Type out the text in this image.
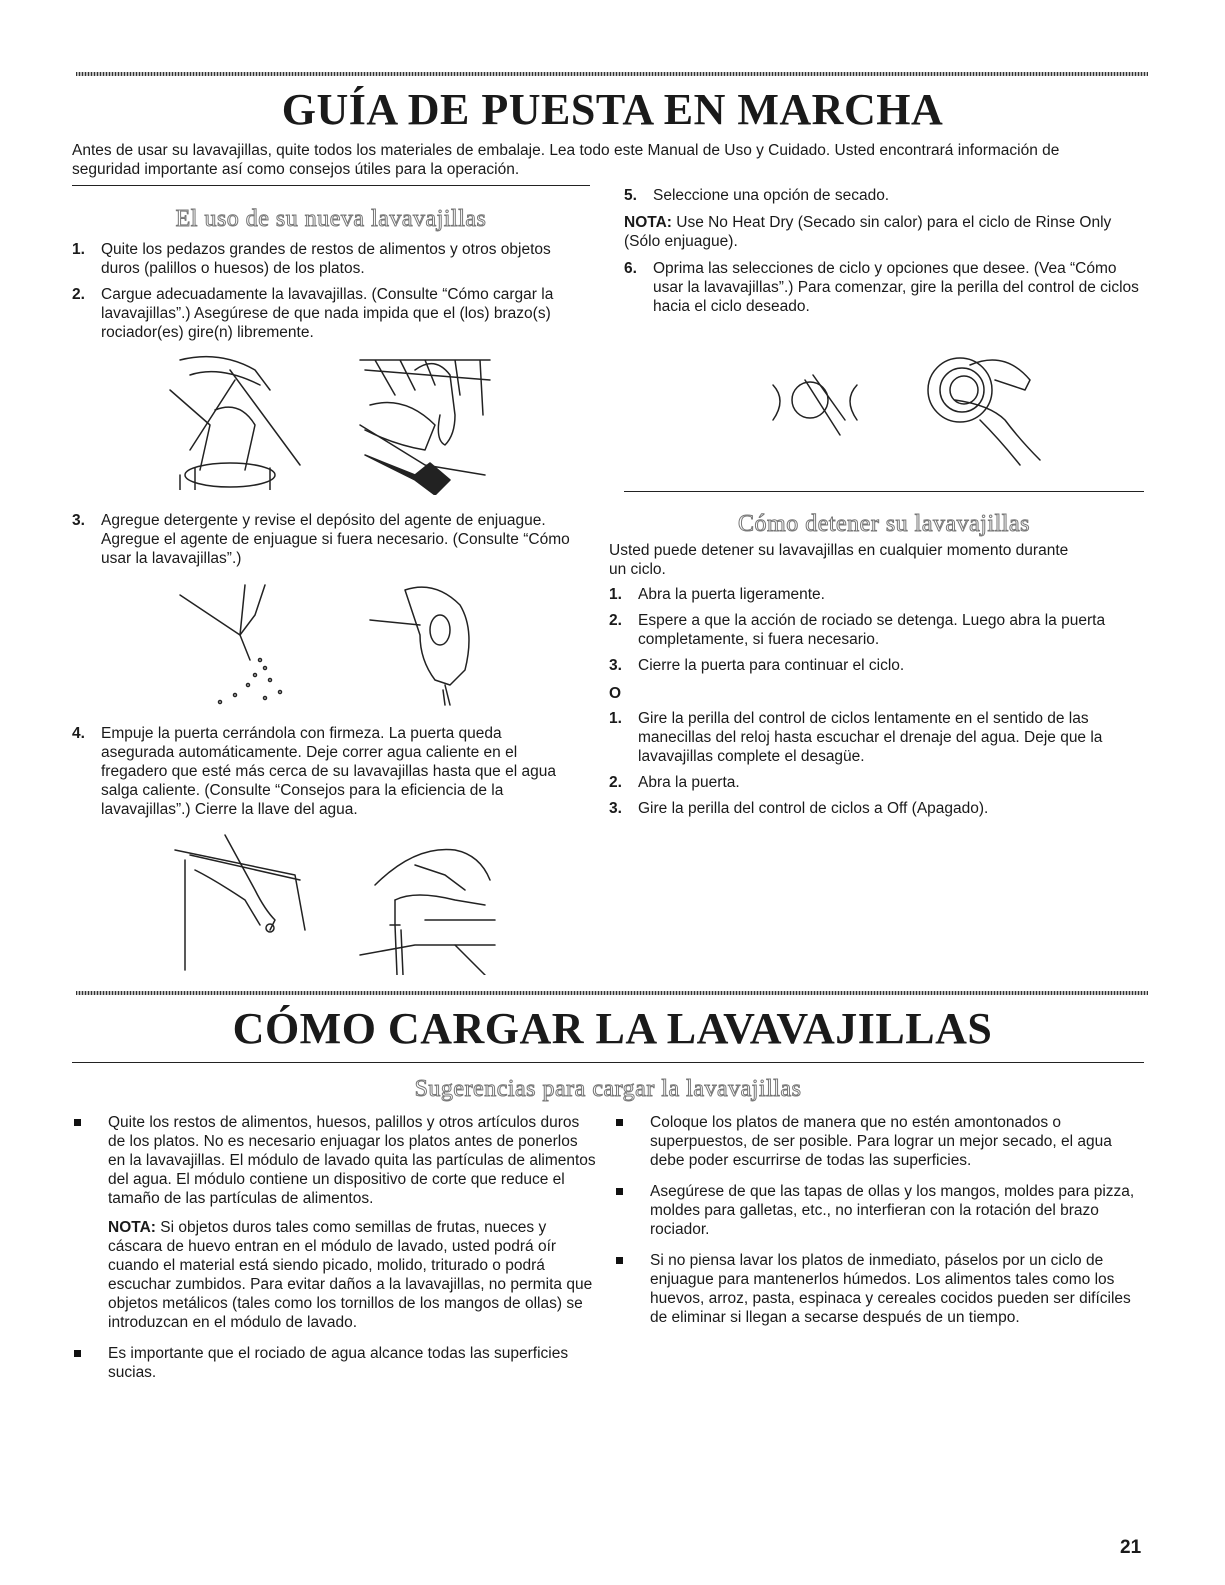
GUÍA DE PUESTA EN MARCHA

Antes de usar su lavavajillas, quite todos los materiales de embalaje. Lea todo este Manual de Uso y Cuidado. Usted encontrará información de seguridad importante así como consejos útiles para la operación.

El uso de su nueva lavavajillas
1. Quite los pedazos grandes de restos de alimentos y otros objetos duros (palillos o huesos) de los platos.
2. Cargue adecuadamente la lavavajillas. (Consulte “Cómo cargar la lavavajillas”.) Asegúrese de que nada impida que el (los) brazo(s) rociador(es) gire(n) libremente.
3. Agregue detergente y revise el depósito del agente de enjuague. Agregue el agente de enjuague si fuera necesario. (Consulte “Cómo usar la lavavajillas”.)
4. Empuje la puerta cerrándola con firmeza. La puerta queda asegurada automáticamente. Deje correr agua caliente en el fregadero que esté más cerca de su lavavajillas hasta que el agua salga caliente. (Consulte “Consejos para la eficiencia de la lavavajillas”.) Cierre la llave del agua.
5. Seleccione una opción de secado.

NOTA: Use No Heat Dry (Secado sin calor) para el ciclo de Rinse Only (Sólo enjuague).

6. Oprima las selecciones de ciclo y opciones que desee. (Vea “Cómo usar la lavavajillas”.) Para comenzar, gire la perilla del control de ciclos hacia el ciclo deseado.
Cómo detener su lavavajillas

Usted puede detener su lavavajillas en cualquier momento durante un ciclo.

1. Abra la puerta ligeramente.
2. Espere a que la acción de rociado se detenga. Luego abra la puerta completamente, si fuera necesario.
3. Cierre la puerta para continuar el ciclo.

O

1. Gire la perilla del control de ciclos lentamente en el sentido de las manecillas del reloj hasta escuchar el drenaje del agua. Deje que la lavavajillas complete el desagüe.
2. Abra la puerta.
3. Gire la perilla del control de ciclos a Off (Apagado).
CÓMO CARGAR LA LAVAVAJILLAS
Sugerencias para cargar la lavavajillas

Quite los restos de alimentos, huesos, palillos y otros artículos duros de los platos. No es necesario enjuagar los platos antes de ponerlos en la lavavajillas. El módulo de lavado quita las partículas de alimentos del agua. El módulo contiene un dispositivo de corte que reduce el tamaño de las partículas de alimentos.

NOTA: Si objetos duros tales como semillas de frutas, nueces y cáscara de huevo entran en el módulo de lavado, usted podrá oír cuando el material está siendo picado, molido, triturado o podrá escuchar zumbidos. Para evitar daños a la lavavajillas, no permita que objetos metálicos (tales como los tornillos de los mangos de ollas) se introduzcan en el módulo de lavado.

Es importante que el rociado de agua alcance todas las superficies sucias.

Coloque los platos de manera que no estén amontonados o superpuestos, de ser posible. Para lograr un mejor secado, el agua debe poder escurrirse de todas las superficies.

Asegúrese de que las tapas de ollas y los mangos, moldes para pizza, moldes para galletas, etc., no interfieran con la rotación del brazo rociador.

Si no piensa lavar los platos de inmediato, páselos por un ciclo de enjuague para mantenerlos húmedos. Los alimentos tales como los huevos, arroz, pasta, espinaca y cereales cocidos pueden ser difíciles de eliminar si llegan a secarse después de un tiempo.

21
